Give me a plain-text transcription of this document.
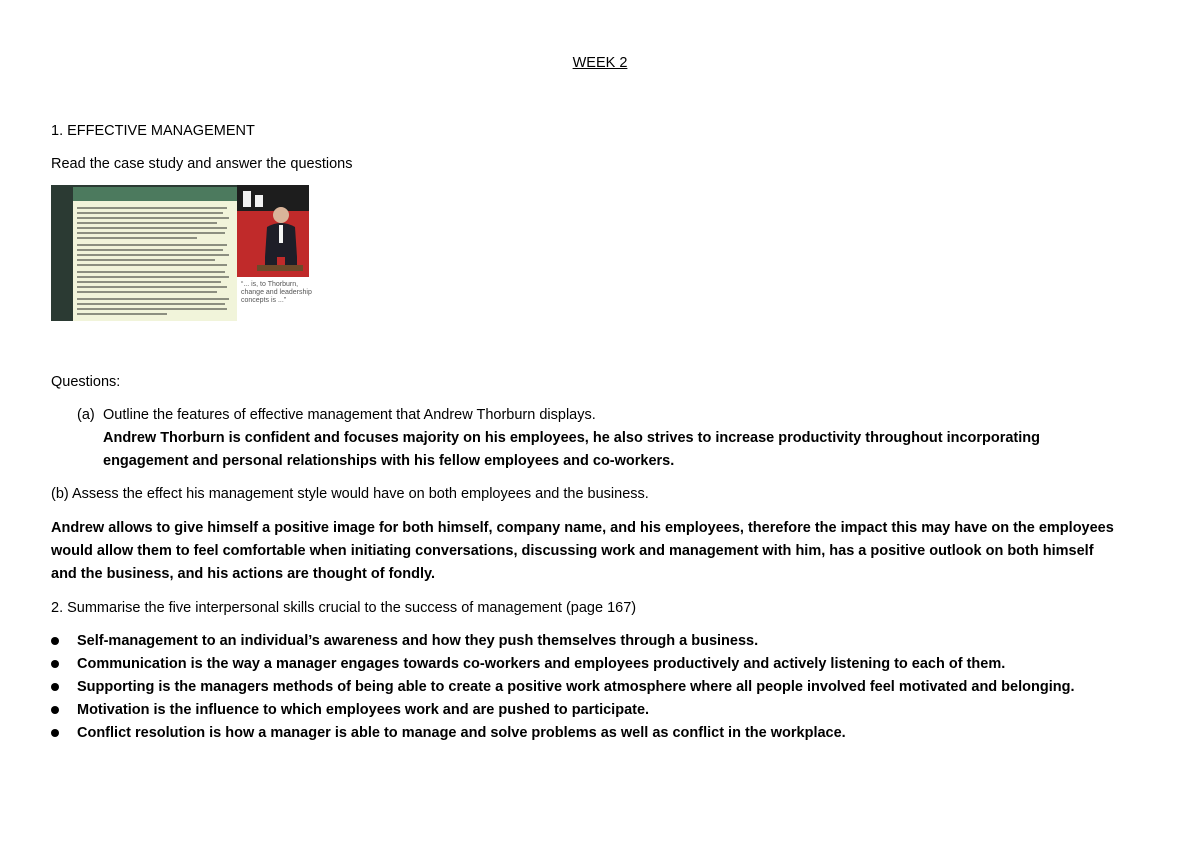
WEEK 2
1. EFFECTIVE MANAGEMENT
Read the case study and answer the questions
“... is, to Thorburn, change and leadership concepts is ...”
Questions:
(a) Outline the features of effective management that Andrew Thorburn displays.
Andrew Thorburn is confident and focuses majority on his employees, he also strives to increase productivity throughout incorporating
engagement and personal relationships with his fellow employees and co-workers.
(b) Assess the effect his management style would have on both employees and the business.
Andrew allows to give himself a positive image for both himself, company name, and his employees, therefore the impact this may have on the employees
would allow them to feel comfortable when initiating conversations, discussing work and management with him, has a positive outlook on both himself
and the business, and his actions are thought of fondly.
2. Summarise the five interpersonal skills crucial to the success of management (page 167)
Self-management to an individual’s awareness and how they push themselves through a business.
Communication is the way a manager engages towards co-workers and employees productively and actively listening to each of them.
Supporting is the managers methods of being able to create a positive work atmosphere where all people involved feel motivated and belonging.
Motivation is the influence to which employees work and are pushed to participate.
Conflict resolution is how a manager is able to manage and solve problems as well as conflict in the workplace.
